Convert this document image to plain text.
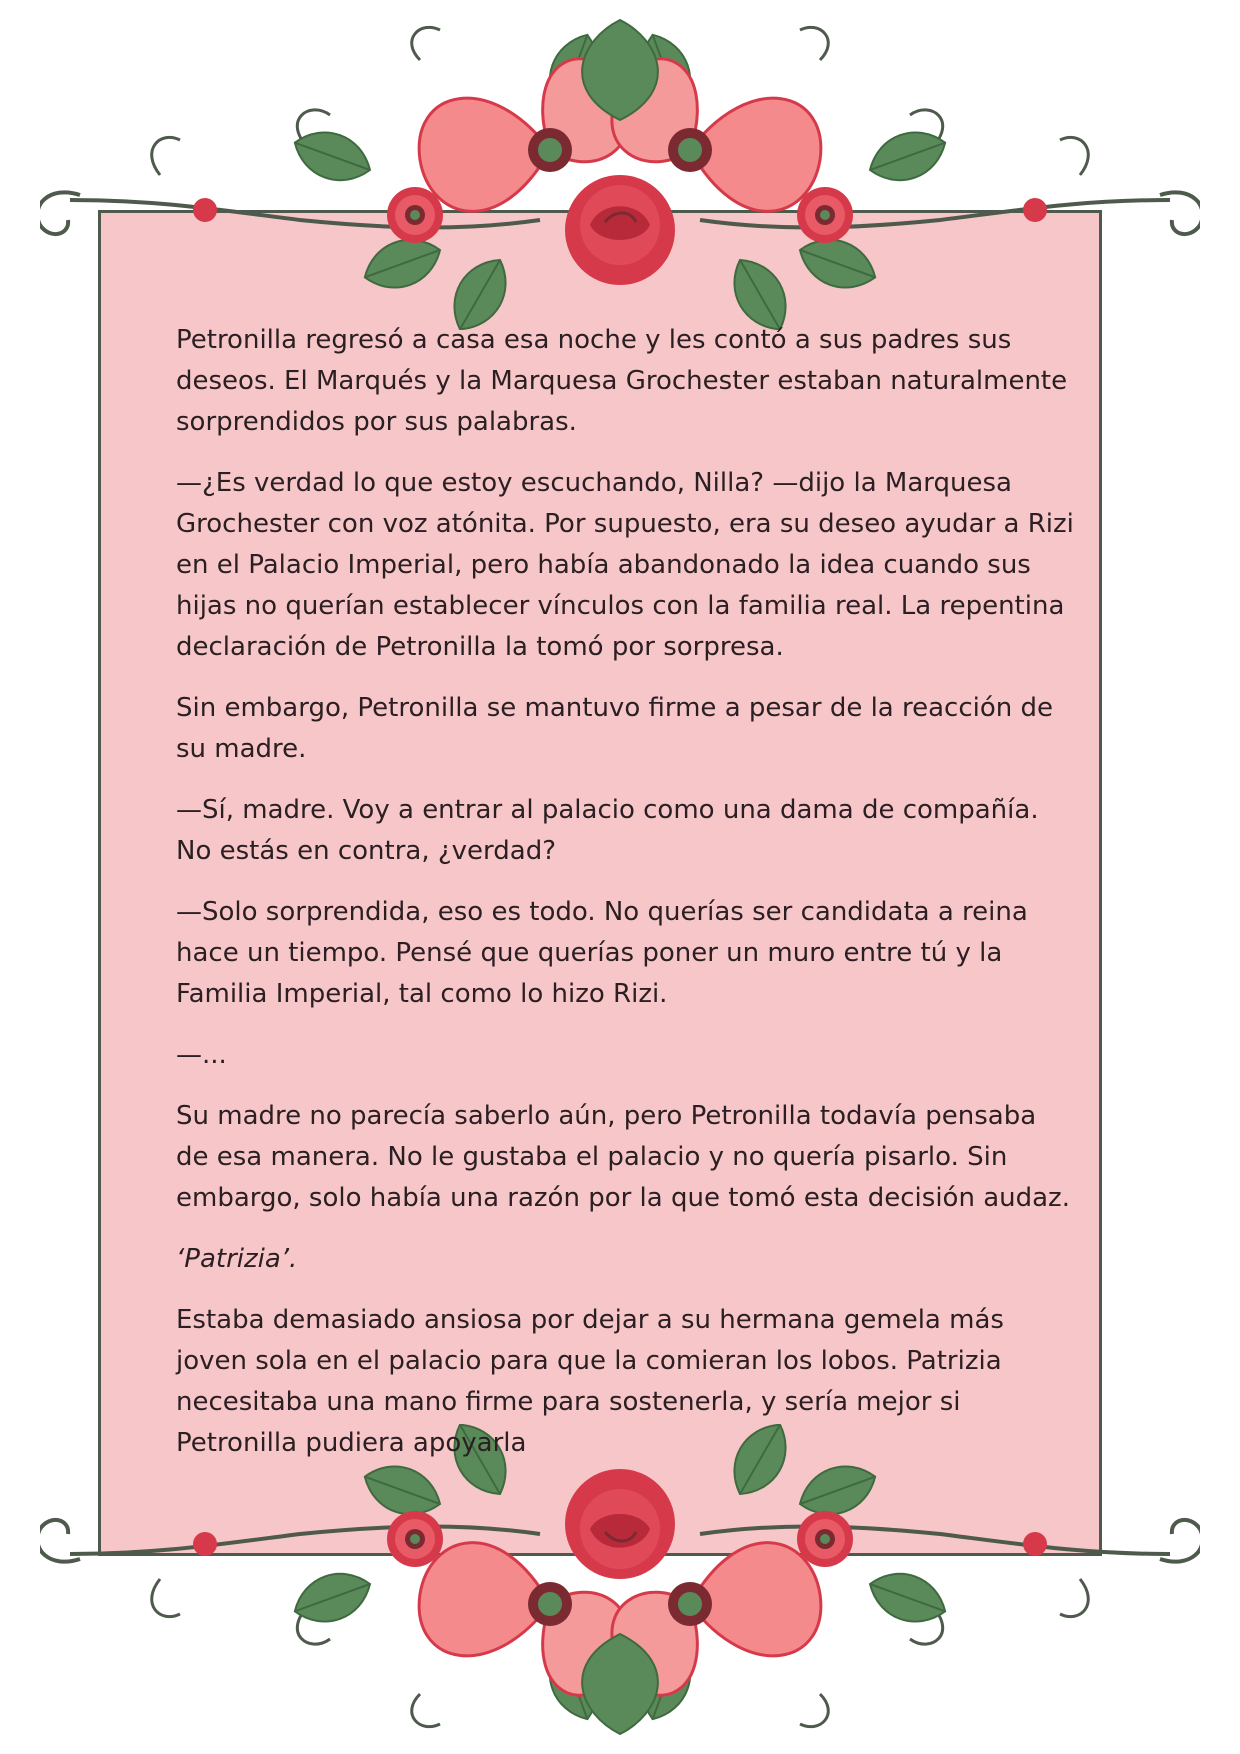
Petronilla regresó a casa esa noche y les contó a sus padres sus deseos. El Marqués y la Marquesa Grochester estaban naturalmente sorprendidos por sus palabras.

—¿Es verdad lo que estoy escuchando, Nilla? —dijo la Marquesa Grochester con voz atónita. Por supuesto, era su deseo ayudar a Rizi en el Palacio Imperial, pero había abandonado la idea cuando sus hijas no querían establecer vínculos con la familia real. La repentina declaración de Petronilla la tomó por sorpresa.

Sin embargo, Petronilla se mantuvo firme a pesar de la reacción de su madre.

—Sí, madre. Voy a entrar al palacio como una dama de compañía. No estás en contra, ¿verdad?

—Solo sorprendida, eso es todo. No querías ser candidata a reina hace un tiempo. Pensé que querías poner un muro entre tú y la Familia Imperial, tal como lo hizo Rizi.

—...

Su madre no parecía saberlo aún, pero Petronilla todavía pensaba de esa manera. No le gustaba el palacio y no quería pisarlo. Sin embargo, solo había una razón por la que tomó esta decisión audaz.

‘Patrizia’.

Estaba demasiado ansiosa por dejar a su hermana gemela más joven sola en el palacio para que la comieran los lobos. Patrizia necesitaba una mano firme para sostenerla, y sería mejor si Petronilla pudiera apoyarla
